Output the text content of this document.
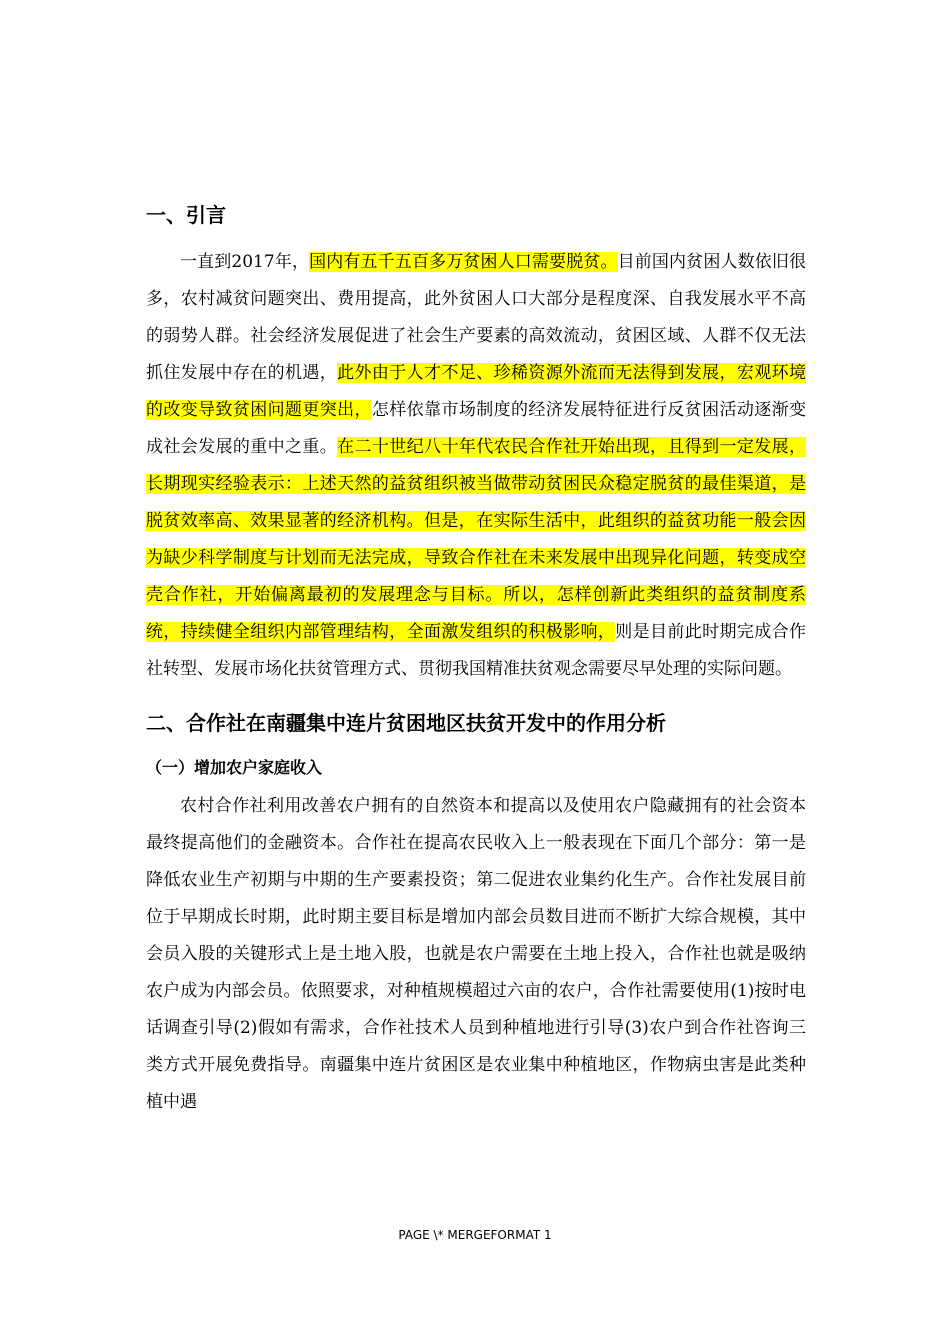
一、引言

一直到2017年，国内有五千五百多万贫困人口需要脱贫。目前国内贫困人数依旧很多，农村减贫问题突出、费用提高，此外贫困人口大部分是程度深、自我发展水平不高的弱势人群。社会经济发展促进了社会生产要素的高效流动，贫困区域、人群不仅无法抓住发展中存在的机遇，此外由于人才不足、珍稀资源外流而无法得到发展，宏观环境的改变导致贫困问题更突出，怎样依靠市场制度的经济发展特征进行反贫困活动逐渐变成社会发展的重中之重。在二十世纪八十年代农民合作社开始出现，且得到一定发展，长期现实经验表示：上述天然的益贫组织被当做带动贫困民众稳定脱贫的最佳渠道，是脱贫效率高、效果显著的经济机构。但是，在实际生活中，此组织的益贫功能一般会因为缺少科学制度与计划而无法完成，导致合作社在未来发展中出现异化问题，转变成空壳合作社，开始偏离最初的发展理念与目标。所以，怎样创新此类组织的益贫制度系统，持续健全组织内部管理结构，全面激发组织的积极影响，则是目前此时期完成合作社转型、发展市场化扶贫管理方式、贯彻我国精准扶贫观念需要尽早处理的实际问题。

二、合作社在南疆集中连片贫困地区扶贫开发中的作用分析
（一）增加农户家庭收入

农村合作社利用改善农户拥有的自然资本和提高以及使用农户隐藏拥有的社会资本最终提高他们的金融资本。合作社在提高农民收入上一般表现在下面几个部分：第一是降低农业生产初期与中期的生产要素投资；第二促进农业集约化生产。合作社发展目前位于早期成长时期，此时期主要目标是增加内部会员数目进而不断扩大综合规模，其中会员入股的关键形式上是土地入股，也就是农户需要在土地上投入，合作社也就是吸纳农户成为内部会员。依照要求，对种植规模超过六亩的农户，合作社需要使用(1)按时电话调查引导(2)假如有需求，合作社技术人员到种植地进行引导(3)农户到合作社咨询三类方式开展免费指导。南疆集中连片贫困区是农业集中种植地区，作物病虫害是此类种植中遇

PAGE \* MERGEFORMAT 1
